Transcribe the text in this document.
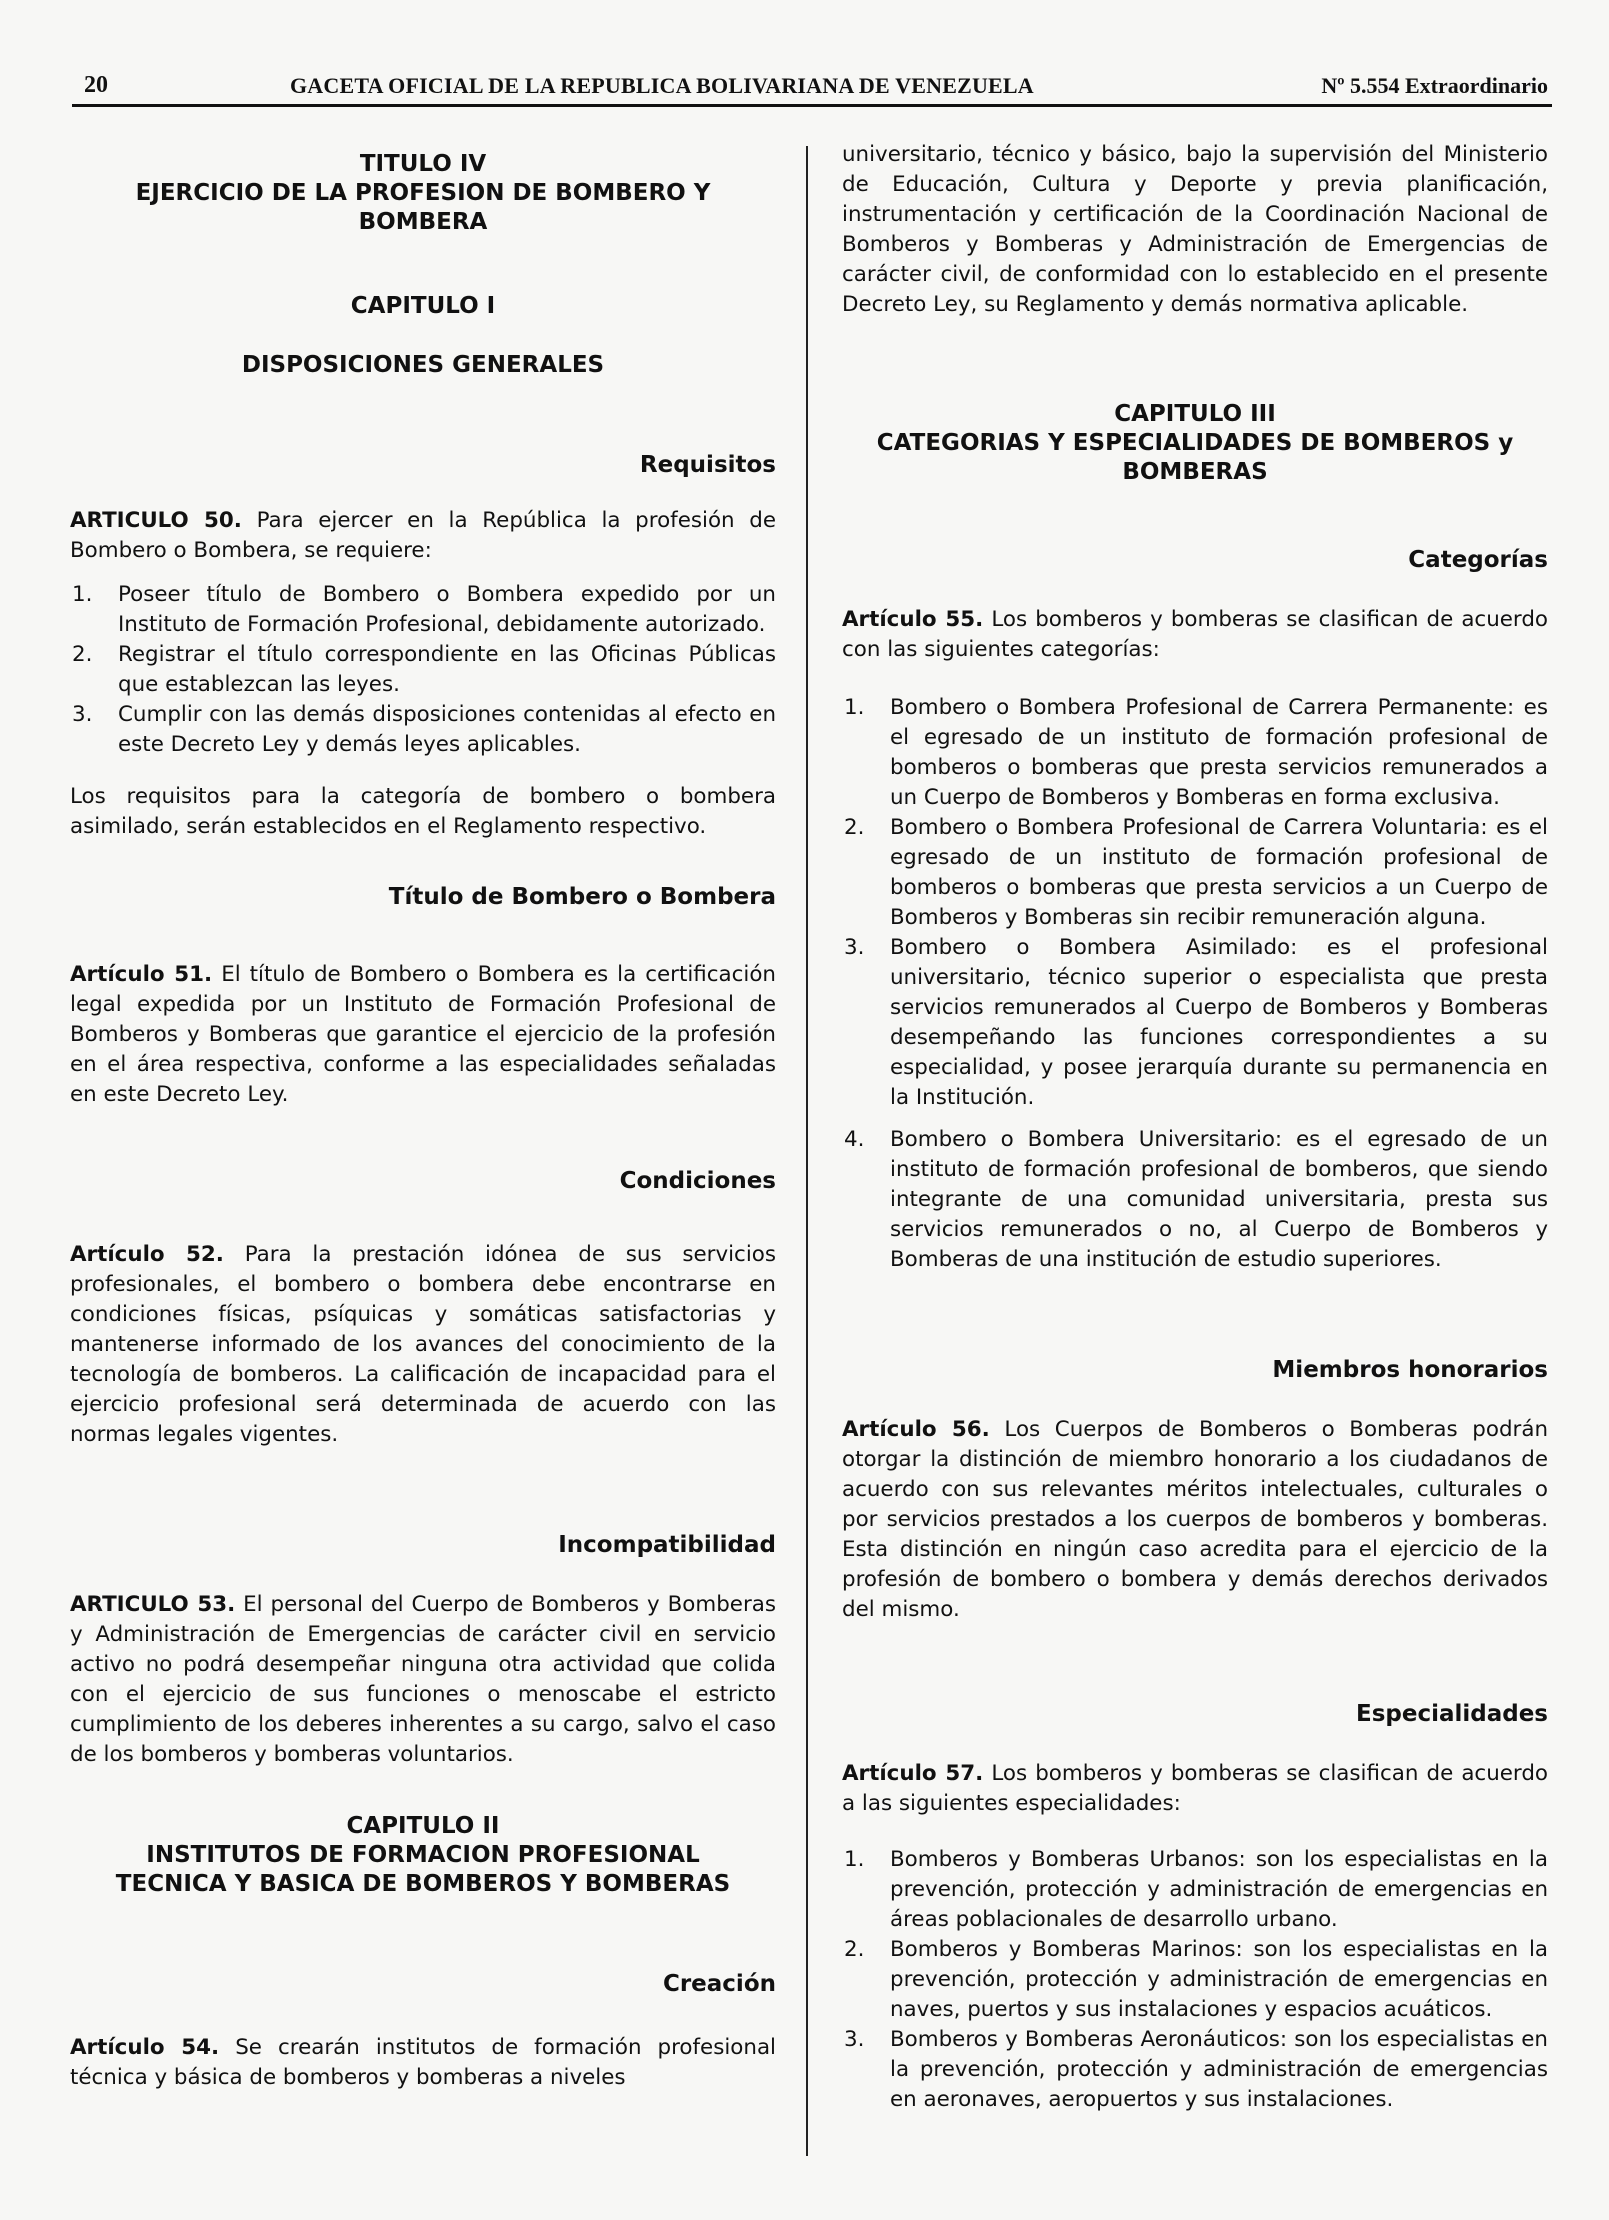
20	GACETA OFICIAL DE LA REPUBLICA BOLIVARIANA DE VENEZUELA	Nº 5.554 Extraordinario
TITULO IV
EJERCICIO DE LA PROFESION DE BOMBERO Y
BOMBERA
CAPITULO I
DISPOSICIONES GENERALES
Requisitos

ARTICULO 50. Para ejercer en la República la profesión de Bombero o Bombera, se requiere:

1. Poseer título de Bombero o Bombera expedido por un Instituto de Formación Profesional, debidamente autorizado.
2. Registrar el título correspondiente en las Oficinas Públicas que establezcan las leyes.
3. Cumplir con las demás disposiciones contenidas al efecto en este Decreto Ley y demás leyes aplicables.

Los requisitos para la categoría de bombero o bombera asimilado, serán establecidos en el Reglamento respectivo.

Título de Bombero o Bombera

Artículo 51. El título de Bombero o Bombera es la certificación legal expedida por un Instituto de Formación Profesional de Bomberos y Bomberas que garantice el ejercicio de la profesión en el área respectiva, conforme a las especialidades señaladas en este Decreto Ley.

Condiciones

Artículo 52. Para la prestación idónea de sus servicios profesionales, el bombero o bombera debe encontrarse en condiciones físicas, psíquicas y somáticas satisfactorias y mantenerse informado de los avances del conocimiento de la tecnología de bomberos. La calificación de incapacidad para el ejercicio profesional será determinada de acuerdo con las normas legales vigentes.

Incompatibilidad

ARTICULO 53. El personal del Cuerpo de Bomberos y Bomberas y Administración de Emergencias de carácter civil en servicio activo no podrá desempeñar ninguna otra actividad que colida con el ejercicio de sus funciones o menoscabe el estricto cumplimiento de los deberes inherentes a su cargo, salvo el caso de los bomberos y bomberas voluntarios.

CAPITULO II
INSTITUTOS DE FORMACION PROFESIONAL
TECNICA Y BASICA DE BOMBEROS Y BOMBERAS
Creación

Artículo 54. Se crearán institutos de formación profesional técnica y básica de bomberos y bomberas a niveles

universitario, técnico y básico, bajo la supervisión del Ministerio de Educación, Cultura y Deporte y previa planificación, instrumentación y certificación de la Coordinación Nacional de Bomberos y Bomberas y Administración de Emergencias de carácter civil, de conformidad con lo establecido en el presente Decreto Ley, su Reglamento y demás normativa aplicable.

CAPITULO III
CATEGORIAS Y ESPECIALIDADES DE BOMBEROS y
BOMBERAS
Categorías

Artículo 55. Los bomberos y bomberas se clasifican de acuerdo con las siguientes categorías:

1. Bombero o Bombera Profesional de Carrera Permanente: es el egresado de un instituto de formación profesional de bomberos o bomberas que presta servicios remunerados a un Cuerpo de Bomberos y Bomberas en forma exclusiva.
2. Bombero o Bombera Profesional de Carrera Voluntaria: es el egresado de un instituto de formación profesional de bomberos o bomberas que presta servicios a un Cuerpo de Bomberos y Bomberas sin recibir remuneración alguna.
3. Bombero o Bombera Asimilado: es el profesional universitario, técnico superior o especialista que presta servicios remunerados al Cuerpo de Bomberos y Bomberas desempeñando las funciones correspondientes a su especialidad, y posee jerarquía durante su permanencia en la Institución.
4. Bombero o Bombera Universitario: es el egresado de un instituto de formación profesional de bomberos, que siendo integrante de una comunidad universitaria, presta sus servicios remunerados o no, al Cuerpo de Bomberos y Bomberas de una institución de estudio superiores.
Miembros honorarios

Artículo 56. Los Cuerpos de Bomberos o Bomberas podrán otorgar la distinción de miembro honorario a los ciudadanos de acuerdo con sus relevantes méritos intelectuales, culturales o por servicios prestados a los cuerpos de bomberos y bomberas. Esta distinción en ningún caso acredita para el ejercicio de la profesión de bombero o bombera y demás derechos derivados del mismo.

Especialidades

Artículo 57. Los bomberos y bomberas se clasifican de acuerdo a las siguientes especialidades:

1. Bomberos y Bomberas Urbanos: son los especialistas en la prevención, protección y administración de emergencias en áreas poblacionales de desarrollo urbano.
2. Bomberos y Bomberas Marinos: son los especialistas en la prevención, protección y administración de emergencias en naves, puertos y sus instalaciones y espacios acuáticos.
3. Bomberos y Bomberas Aeronáuticos: son los especialistas en la prevención, protección y administración de emergencias en aeronaves, aeropuertos y sus instalaciones.
